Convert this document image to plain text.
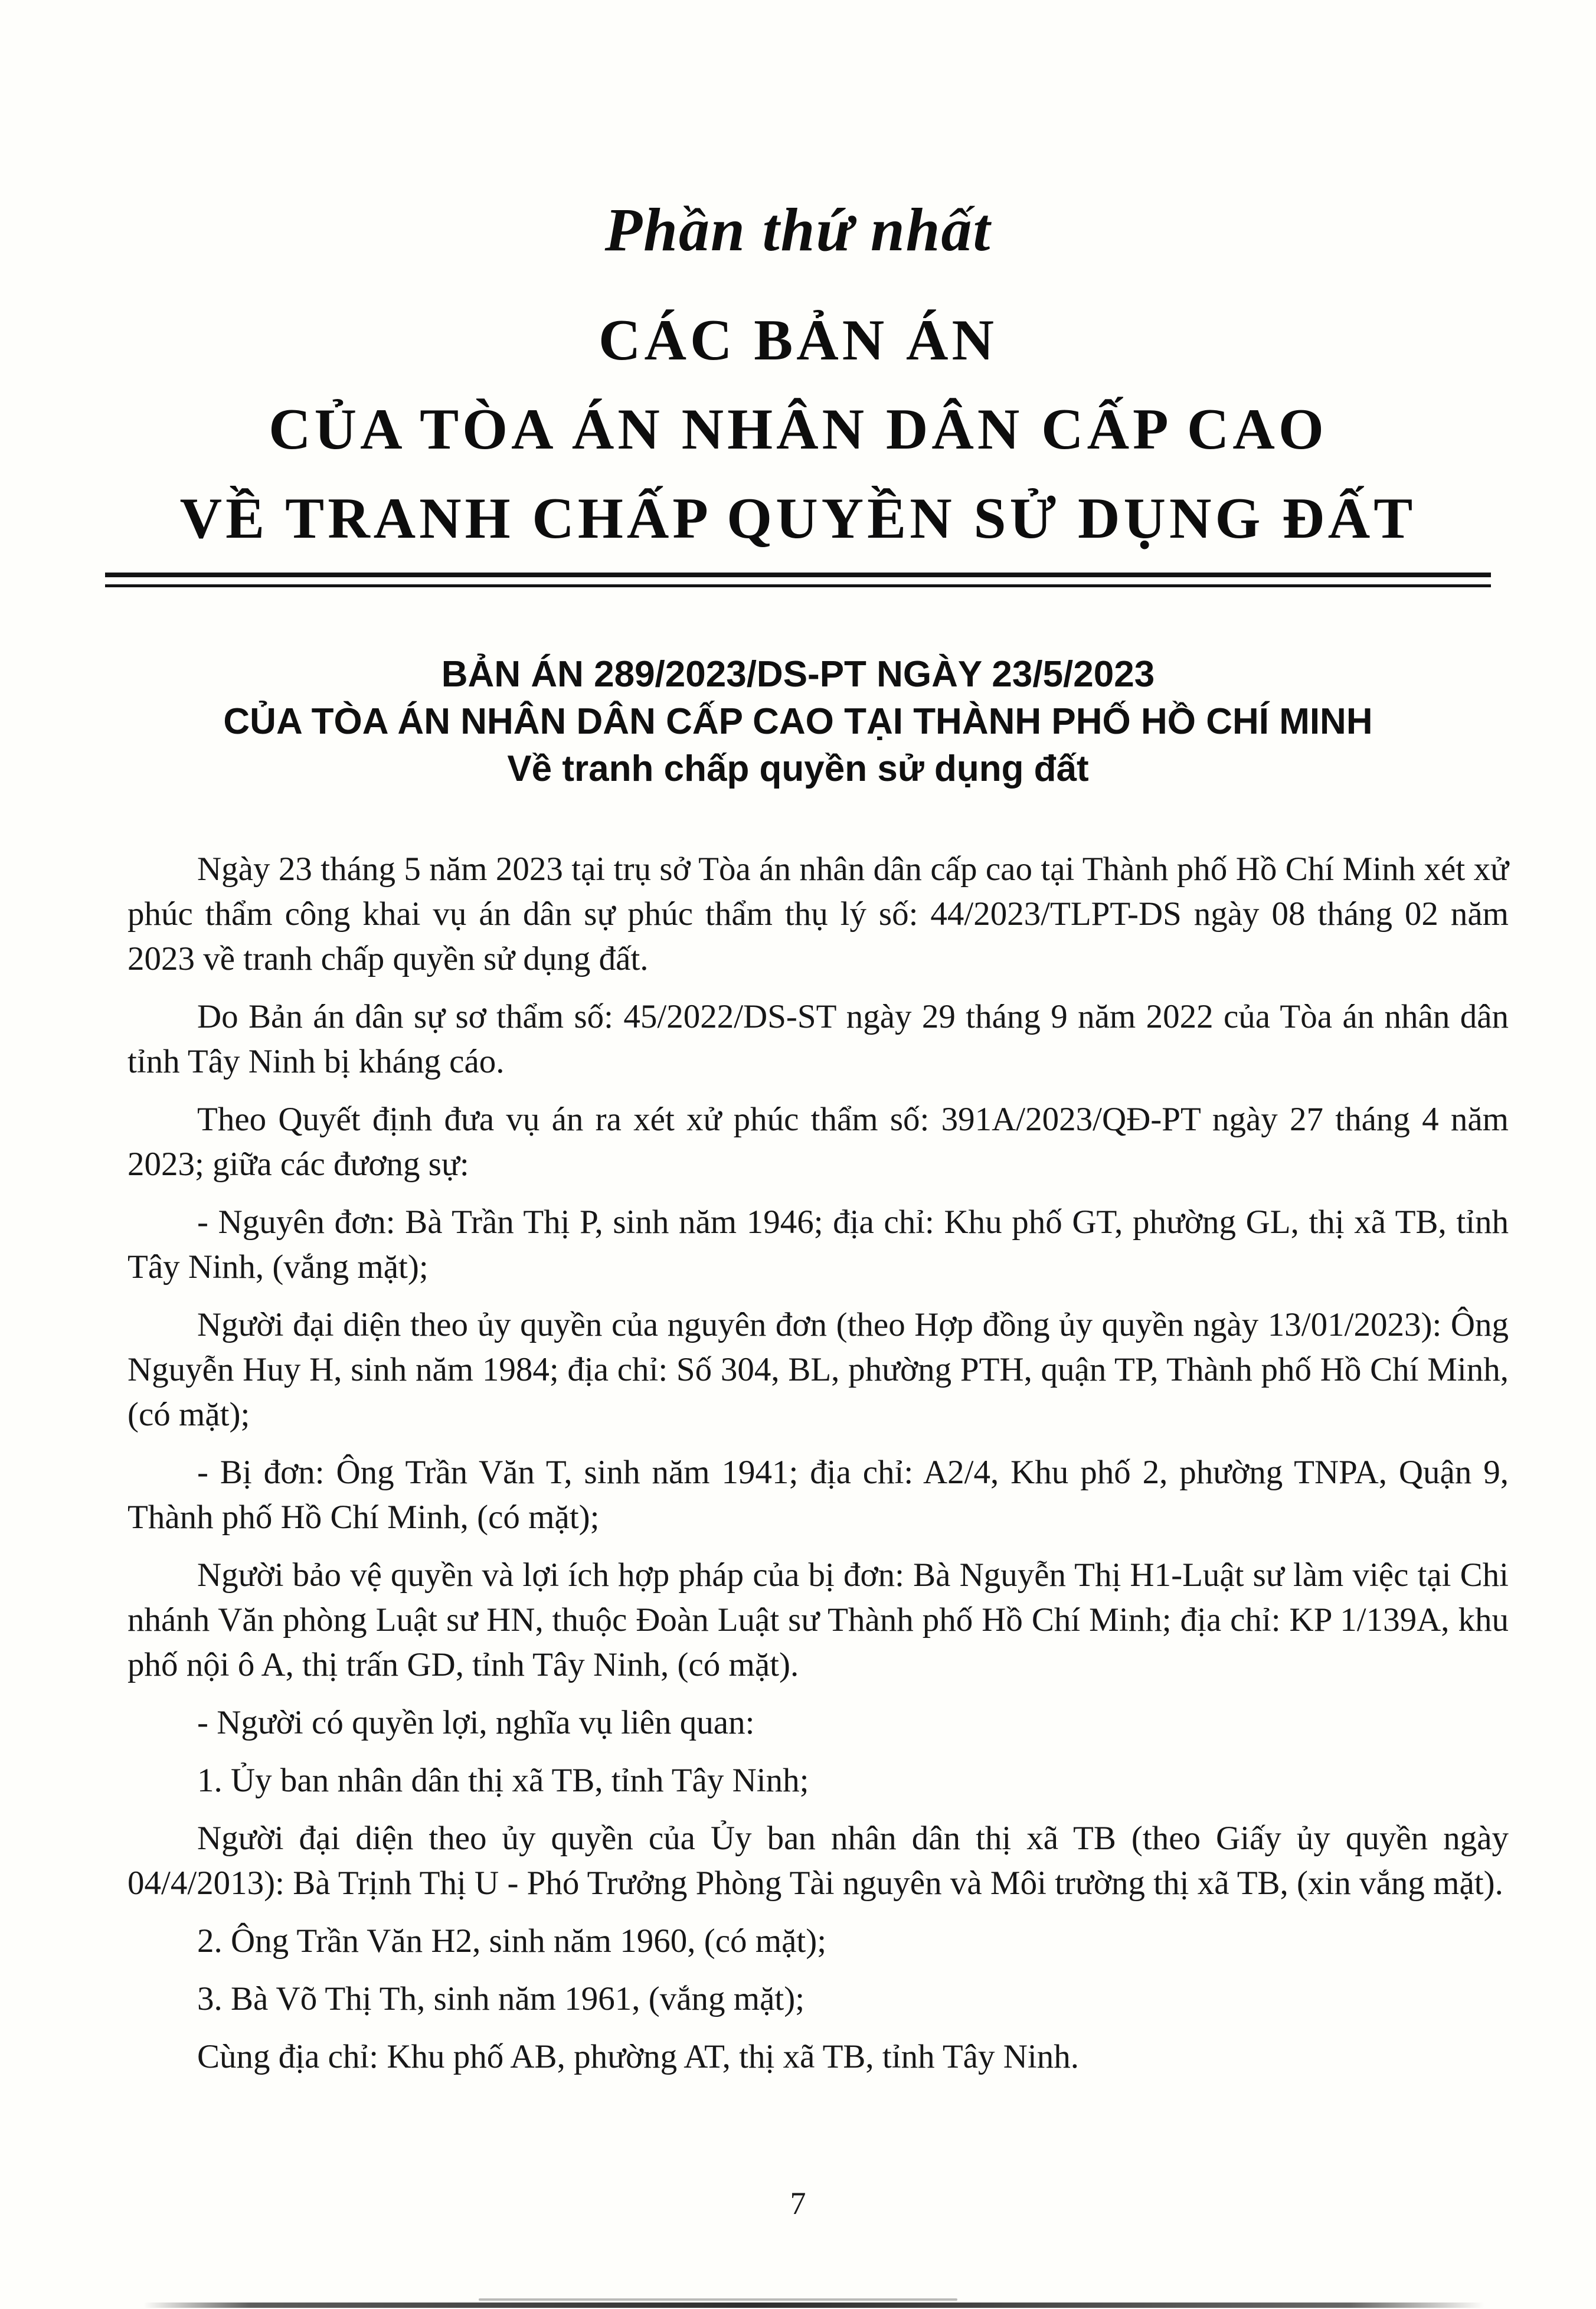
Phần thứ nhất
CÁC BẢN ÁN
CỦA TÒA ÁN NHÂN DÂN CẤP CAO
VỀ TRANH CHẤP QUYỀN SỬ DỤNG ĐẤT
BẢN ÁN 289/2023/DS-PT NGÀY 23/5/2023
CỦA TÒA ÁN NHÂN DÂN CẤP CAO TẠI THÀNH PHỐ HỒ CHÍ MINH
Về tranh chấp quyền sử dụng đất

Ngày 23 tháng 5 năm 2023 tại trụ sở Tòa án nhân dân cấp cao tại Thành phố Hồ Chí Minh xét xử phúc thẩm công khai vụ án dân sự phúc thẩm thụ lý số: 44/2023/TLPT-DS ngày 08 tháng 02 năm 2023 về tranh chấp quyền sử dụng đất.

Do Bản án dân sự sơ thẩm số: 45/2022/DS-ST ngày 29 tháng 9 năm 2022 của Tòa án nhân dân tỉnh Tây Ninh bị kháng cáo.

Theo Quyết định đưa vụ án ra xét xử phúc thẩm số: 391A/2023/QĐ-PT ngày 27 tháng 4 năm 2023; giữa các đương sự:

- Nguyên đơn: Bà Trần Thị P, sinh năm 1946; địa chỉ: Khu phố GT, phường GL, thị xã TB, tỉnh Tây Ninh, (vắng mặt);

Người đại diện theo ủy quyền của nguyên đơn (theo Hợp đồng ủy quyền ngày 13/01/2023): Ông Nguyễn Huy H, sinh năm 1984; địa chỉ: Số 304, BL, phường PTH, quận TP, Thành phố Hồ Chí Minh, (có mặt);

- Bị đơn: Ông Trần Văn T, sinh năm 1941; địa chỉ: A2/4, Khu phố 2, phường TNPA, Quận 9, Thành phố Hồ Chí Minh, (có mặt);

Người bảo vệ quyền và lợi ích hợp pháp của bị đơn: Bà Nguyễn Thị H1-Luật sư làm việc tại Chi nhánh Văn phòng Luật sư HN, thuộc Đoàn Luật sư Thành phố Hồ Chí Minh; địa chỉ: KP 1/139A, khu phố nội ô A, thị trấn GD, tỉnh Tây Ninh, (có mặt).

- Người có quyền lợi, nghĩa vụ liên quan:

1. Ủy ban nhân dân thị xã TB, tỉnh Tây Ninh;

Người đại diện theo ủy quyền của Ủy ban nhân dân thị xã TB (theo Giấy ủy quyền ngày 04/4/2013): Bà Trịnh Thị U - Phó Trưởng Phòng Tài nguyên và Môi trường thị xã TB, (xin vắng mặt).

2. Ông Trần Văn H2, sinh năm 1960, (có mặt);

3. Bà Võ Thị Th, sinh năm 1961, (vắng mặt);

Cùng địa chỉ: Khu phố AB, phường AT, thị xã TB, tỉnh Tây Ninh.

7
